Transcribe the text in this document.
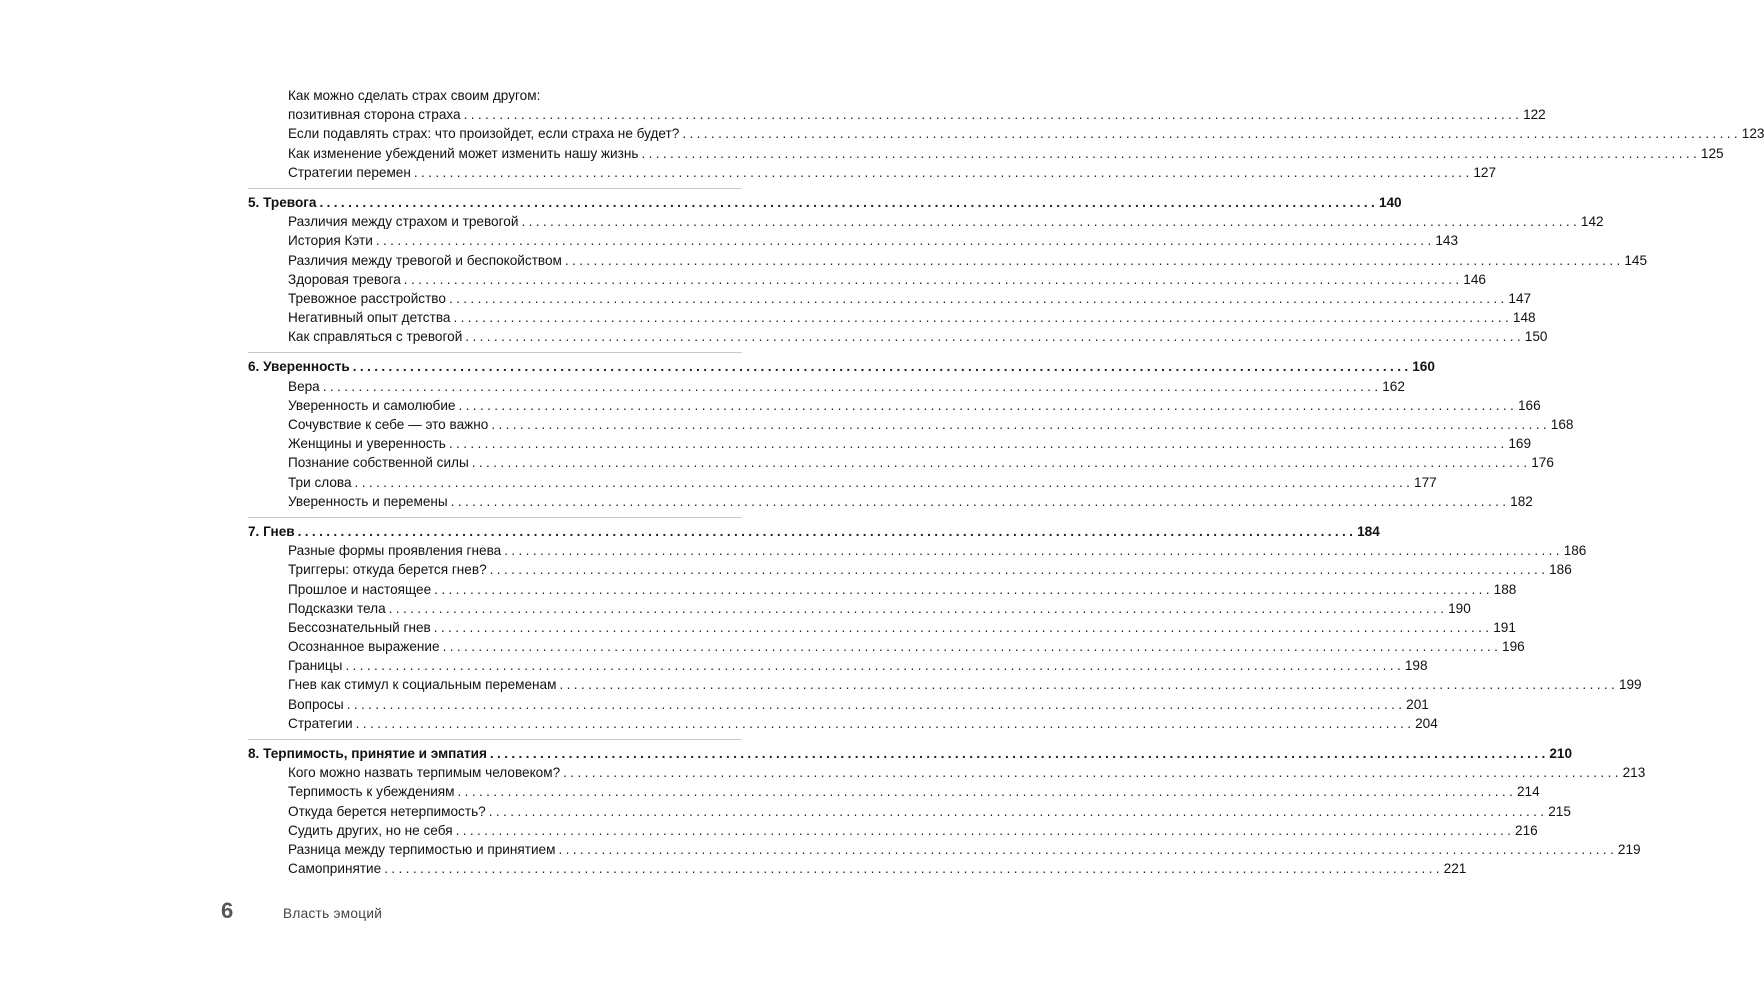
Как можно сделать страх своим другом:
позитивная сторона страха . . .	122
Если подавлять страх: что произойдет, если страха не будет? . . .	123
Как изменение убеждений может изменить нашу жизнь . . .	125
Стратегии перемен . . .	127
5. Тревога . . .	140
Различия между страхом и тревогой . . .	142
История Кэти . . .	143
Различия между тревогой и беспокойством . . .	145
Здоровая тревога . . .	146
Тревожное расстройство . . .	147
Негативный опыт детства . . .	148
Как справляться с тревогой . . .	150
6. Уверенность . . .	160
Вера . . .	162
Уверенность и самолюбие . . .	166
Сочувствие к себе — это важно . . .	168
Женщины и уверенность . . .	169
Познание собственной силы . . .	176
Три слова . . .	177
Уверенность и перемены . . .	182
7. Гнев . . .	184
Разные формы проявления гнева . . .	186
Триггеры: откуда берется гнев? . . .	186
Прошлое и настоящее . . .	188
Подсказки тела . . .	190
Бессознательный гнев . . .	191
Осознанное выражение . . .	196
Границы . . .	198
Гнев как стимул к социальным переменам . . .	199
Вопросы . . .	201
Стратегии . . .	204
8. Терпимость, принятие и эмпатия . . .	210
Кого можно назвать терпимым человеком? . . .	213
Терпимость к убеждениям . . .	214
Откуда берется нетерпимость? . . .	215
Судить других, но не себя . . .	216
Разница между терпимостью и принятием . . .	219
Самопринятие . . .	221
6	Власть эмоций
